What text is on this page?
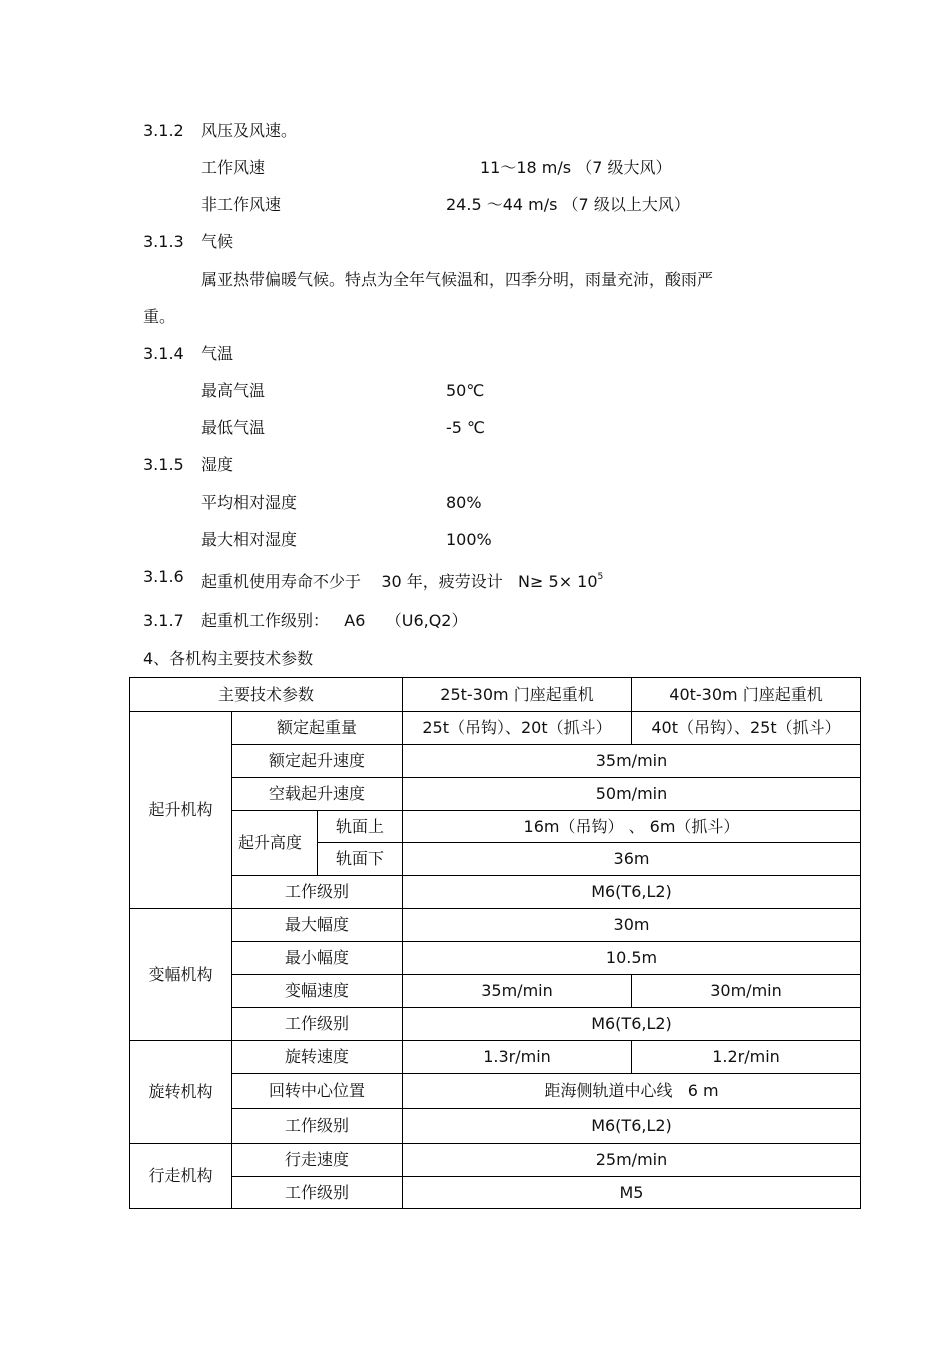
3.1.2 风压及风速。
工作风速	11～18 m/s （7 级大风）
非工作风速	24.5 ～44 m/s （7 级以上大风）
3.1.3 气候
属亚热带偏暖气候。特点为全年气候温和，四季分明，雨量充沛，酸雨严
重。
3.1.4 气温
最高气温	50℃
最低气温	-5 ℃
3.1.5 湿度
平均相对湿度	80%
最大相对湿度	100%
3.1.6 起重机使用寿命不少于    30 年，疲劳设计   $N\ge 5\times 10^5$
3.1.7 起重机工作级别：   A6    （U6,Q2）
4、各机构主要技术参数
主要技术参数			25t-30m 门座起重机	40t-30m 门座起重机
起升机构	额定起重量		25t（吊钩）、20t（抓斗）	40t（吊钩）、25t（抓斗）
	额定起升速度		35m/min	
	空载起升速度		50m/min	
	起升高度	轨面上	16m（吊钩） 、 6m（抓斗）	
		轨面下	36m	
	工作级别		M6(T6,L2)	
变幅机构	最大幅度		30m	
	最小幅度		10.5m	
	变幅速度		35m/min	30m/min
	工作级别		M6(T6,L2)	
旋转机构	旋转速度		1.3r/min	1.2r/min
	回转中心位置		距海侧轨道中心线   6 m	
	工作级别		M6(T6,L2)	
行走机构	行走速度		25m/min	
	工作级别		M5	
